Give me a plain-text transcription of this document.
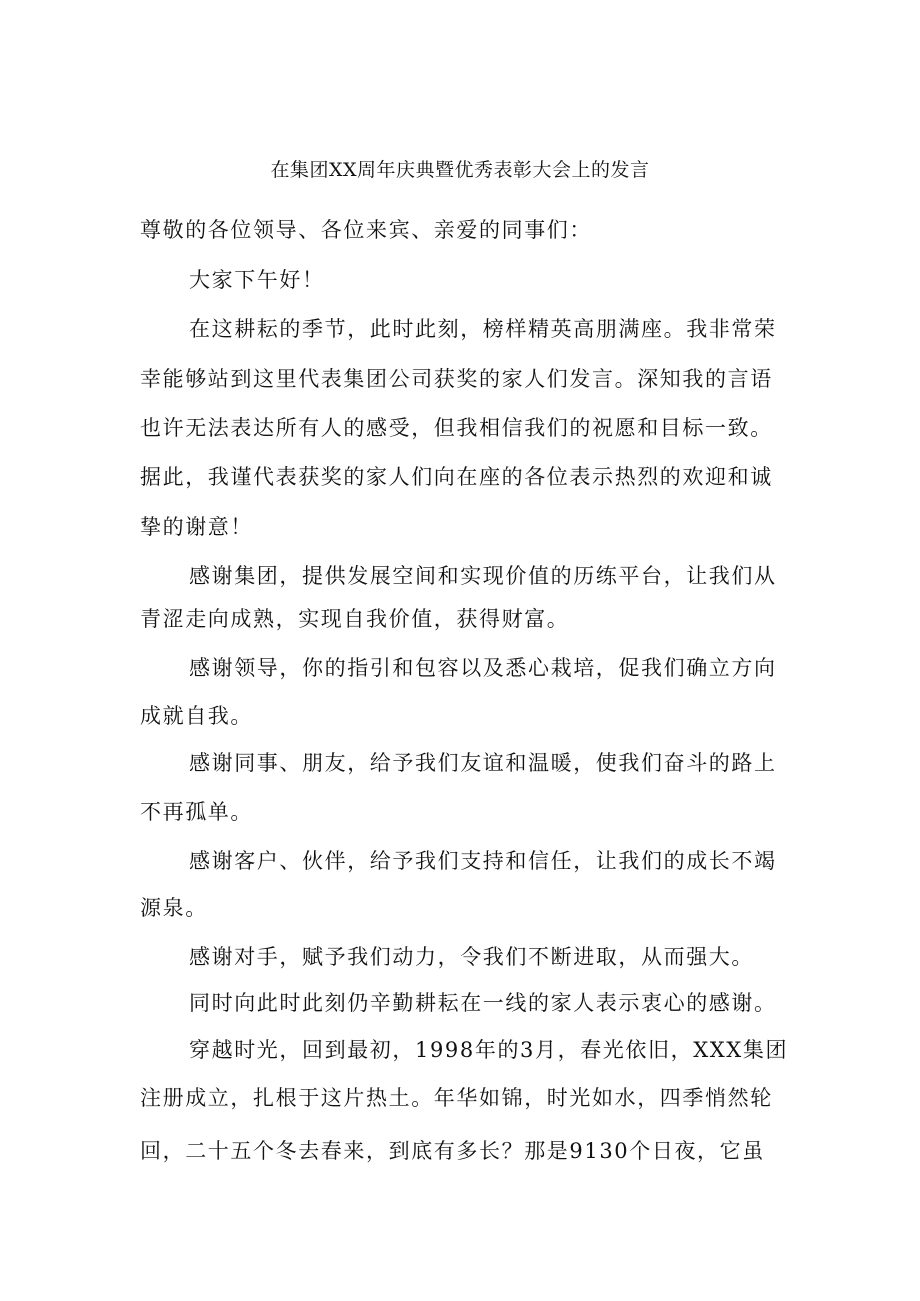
在集团XX周年庆典暨优秀表彰大会上的发言
尊敬的各位领导、各位来宾、亲爱的同事们：
大家下午好！
在这耕耘的季节，此时此刻，榜样精英高朋满座。我非常荣
幸能够站到这里代表集团公司获奖的家人们发言。深知我的言语
也许无法表达所有人的感受，但我相信我们的祝愿和目标一致。
据此，我谨代表获奖的家人们向在座的各位表示热烈的欢迎和诚
挚的谢意！
感谢集团，提供发展空间和实现价值的历练平台，让我们从
青涩走向成熟，实现自我价值，获得财富。
感谢领导，你的指引和包容以及悉心栽培，促我们确立方向
成就自我。
感谢同事、朋友，给予我们友谊和温暖，使我们奋斗的路上
不再孤单。
感谢客户、伙伴，给予我们支持和信任，让我们的成长不竭
源泉。
感谢对手，赋予我们动力，令我们不断进取，从而强大。
同时向此时此刻仍辛勤耕耘在一线的家人表示衷心的感谢。
穿越时光，回到最初，1998年的3月，春光依旧，XXX集团
注册成立，扎根于这片热土。年华如锦，时光如水，四季悄然轮
回，二十五个冬去春来，到底有多长？那是9130个日夜，它虽
